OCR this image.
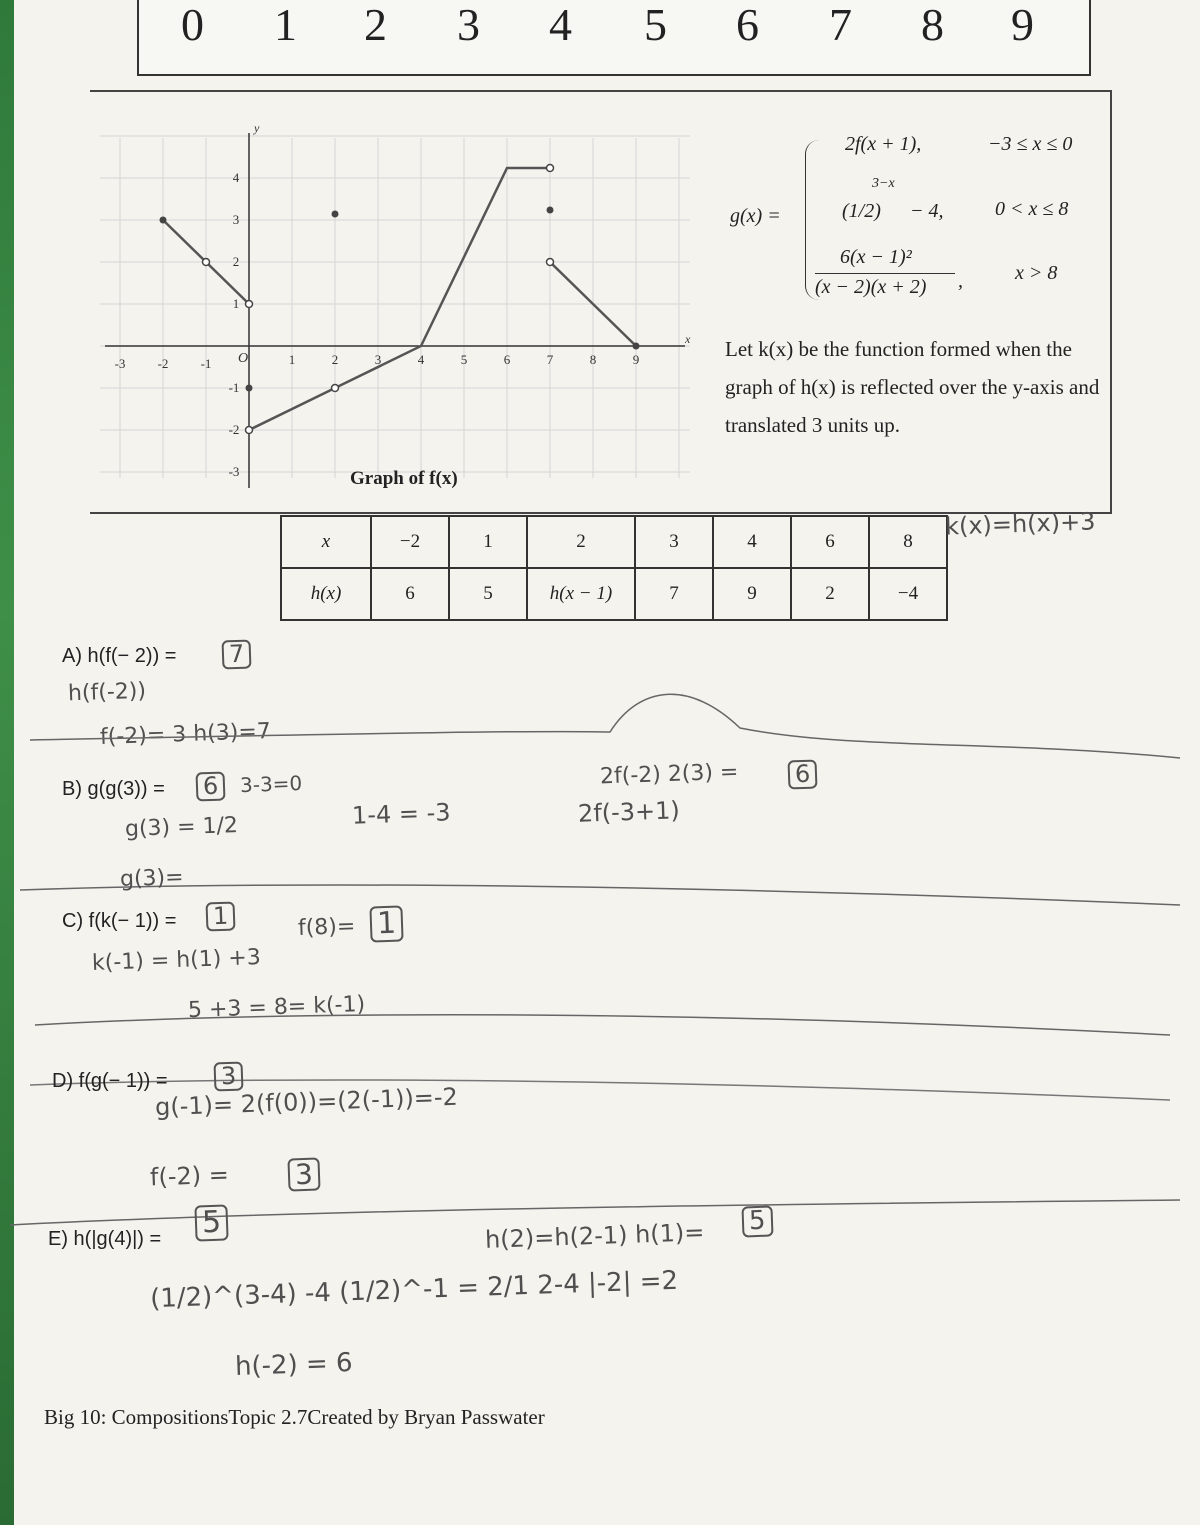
0 1 2 3 4 5 6 7 8 9
-3 -2 -1	1	2	3	4	5	6	7	8	9
4
3
2
1
-1
-2
-3
O
y
x
Graph of f(x)
g(x) =
2f(x + 1),	−3 ≤ x ≤ 0
(1/2)
3−x
− 4,	0 < x ≤ 8
6(x − 1)²
(x − 2)(x + 2) ,	x > 8
Let k(x) be the function formed when the graph of h(x) is reflected over the y-axis and translated 3 units up.
x	−2	1	2	3	4	6	8
h(x)	6	5	h(x − 1)	7	9	2	−4
k(x)=h(x)+3
A) h(f(− 2)) = 7
h(f(-2))
f(-2)= 3 h(3)=7
2f(-2) 2(3) = 6
2f(-3+1)
B) g(g(3)) = 6	3-3=0
g(3) = 1/2	1-4 = -3
g(3)=
C) f(k(− 1)) = 1	f(8)= 1
k(-1) = h(1) +3
5 +3 = 8= k(-1)
D) f(g(− 1)) = 3
g(-1)= 2(f(0))=(2(-1))=-2
f(-2) = 3
E) h(|g(4)|) = 5	h(2)=h(2-1) h(1)= 5
(1/2)^(3-4) -4 (1/2)^-1 = 2/1 2-4 |-2| =2
h(-2) = 6
Big 10: CompositionsTopic 2.7Created by Bryan Passwater
